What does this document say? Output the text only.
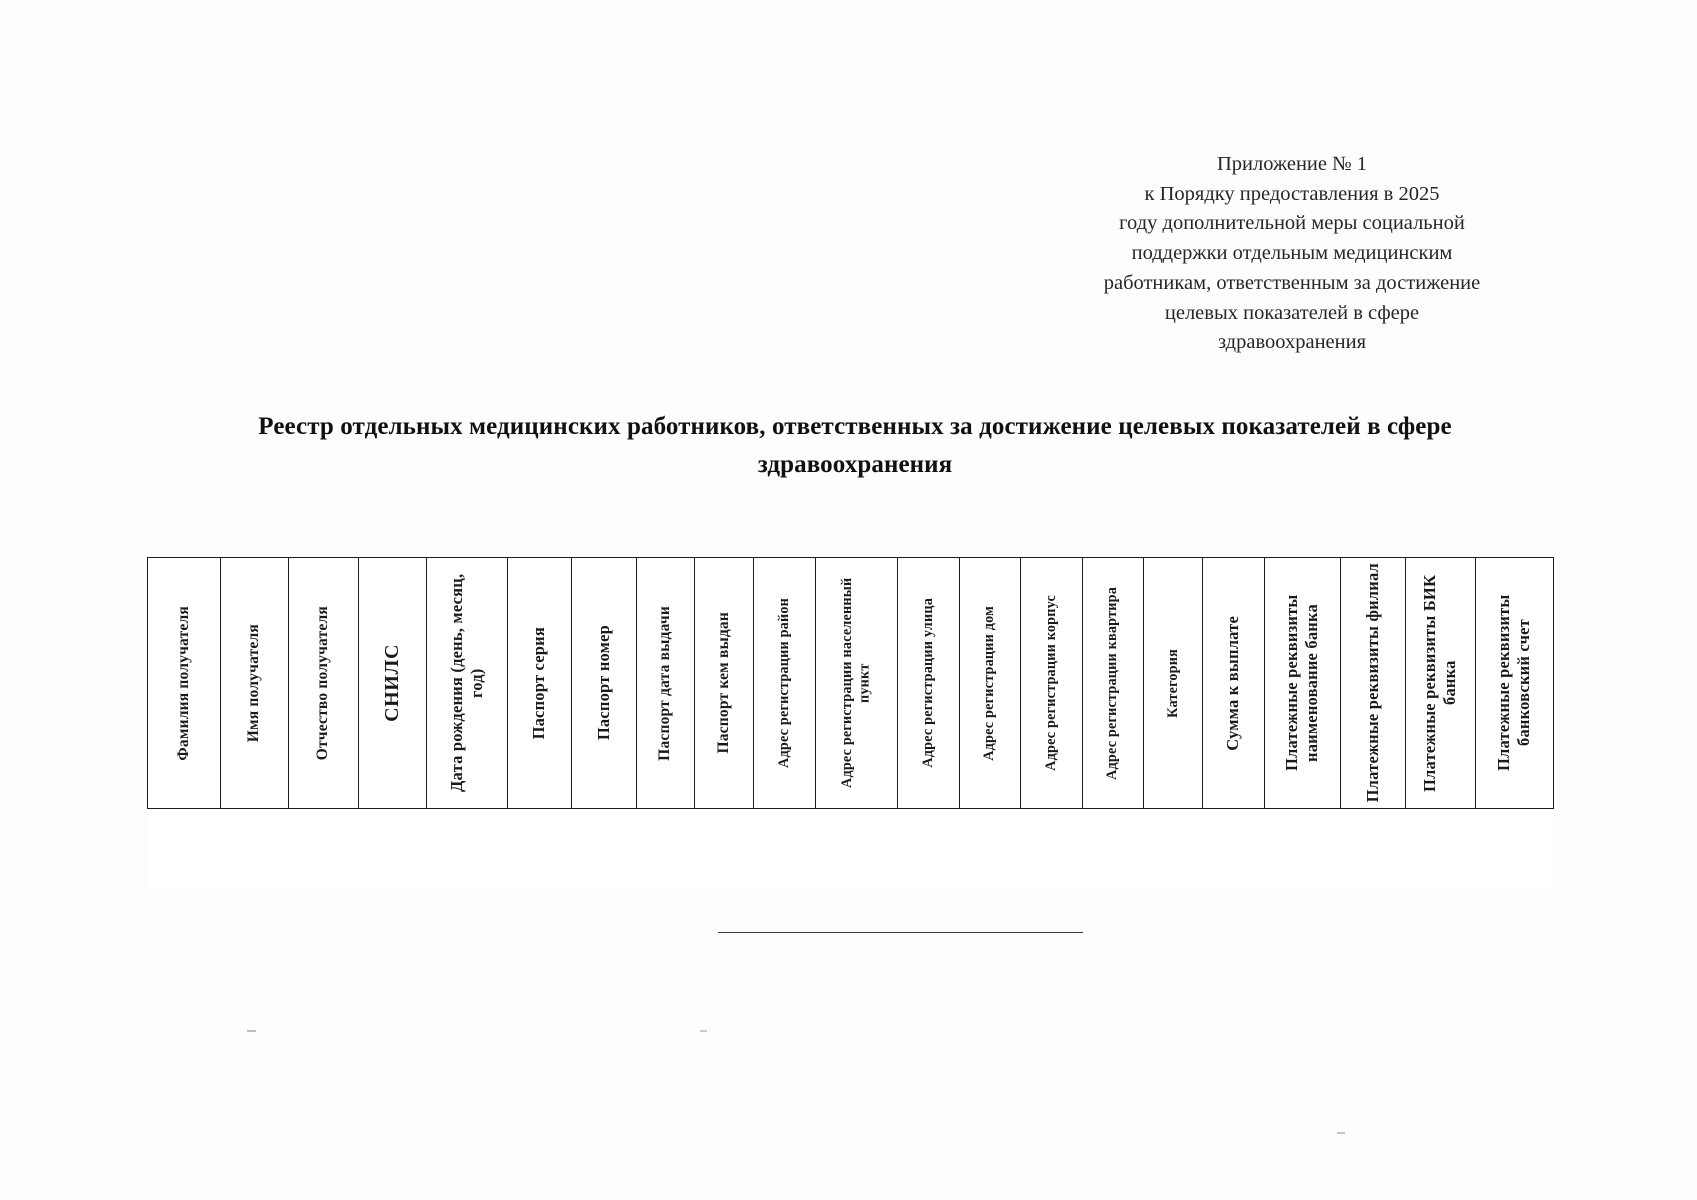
Приложение № 1
к Порядку предоставления в 2025
году дополнительной меры социальной
поддержки отдельным медицинским
работникам, ответственным за достижение
целевых показателей в сфере
здравоохранения
Реестр отдельных медицинских работников, ответственных за достижение целевых показателей в сфере здравоохранения
Фамилия получателя	Имя получателя	Отчество получателя	СНИЛС	Дата рождения (день, месяц, год)	Паспорт серия	Паспорт номер	Паспорт дата выдачи	Паспорт кем выдан	Адрес регистрации район	Адрес регистрации населенный пункт	Адрес регистрации улица	Адрес регистрации дом	Адрес регистрации корпус	Адрес регистрации квартира	Категория	Сумма к выплате	Платежные реквизиты наименование банка	Платежные реквизиты филиал	Платежные реквизиты БИК банка	Платежные реквизиты банковский счет
